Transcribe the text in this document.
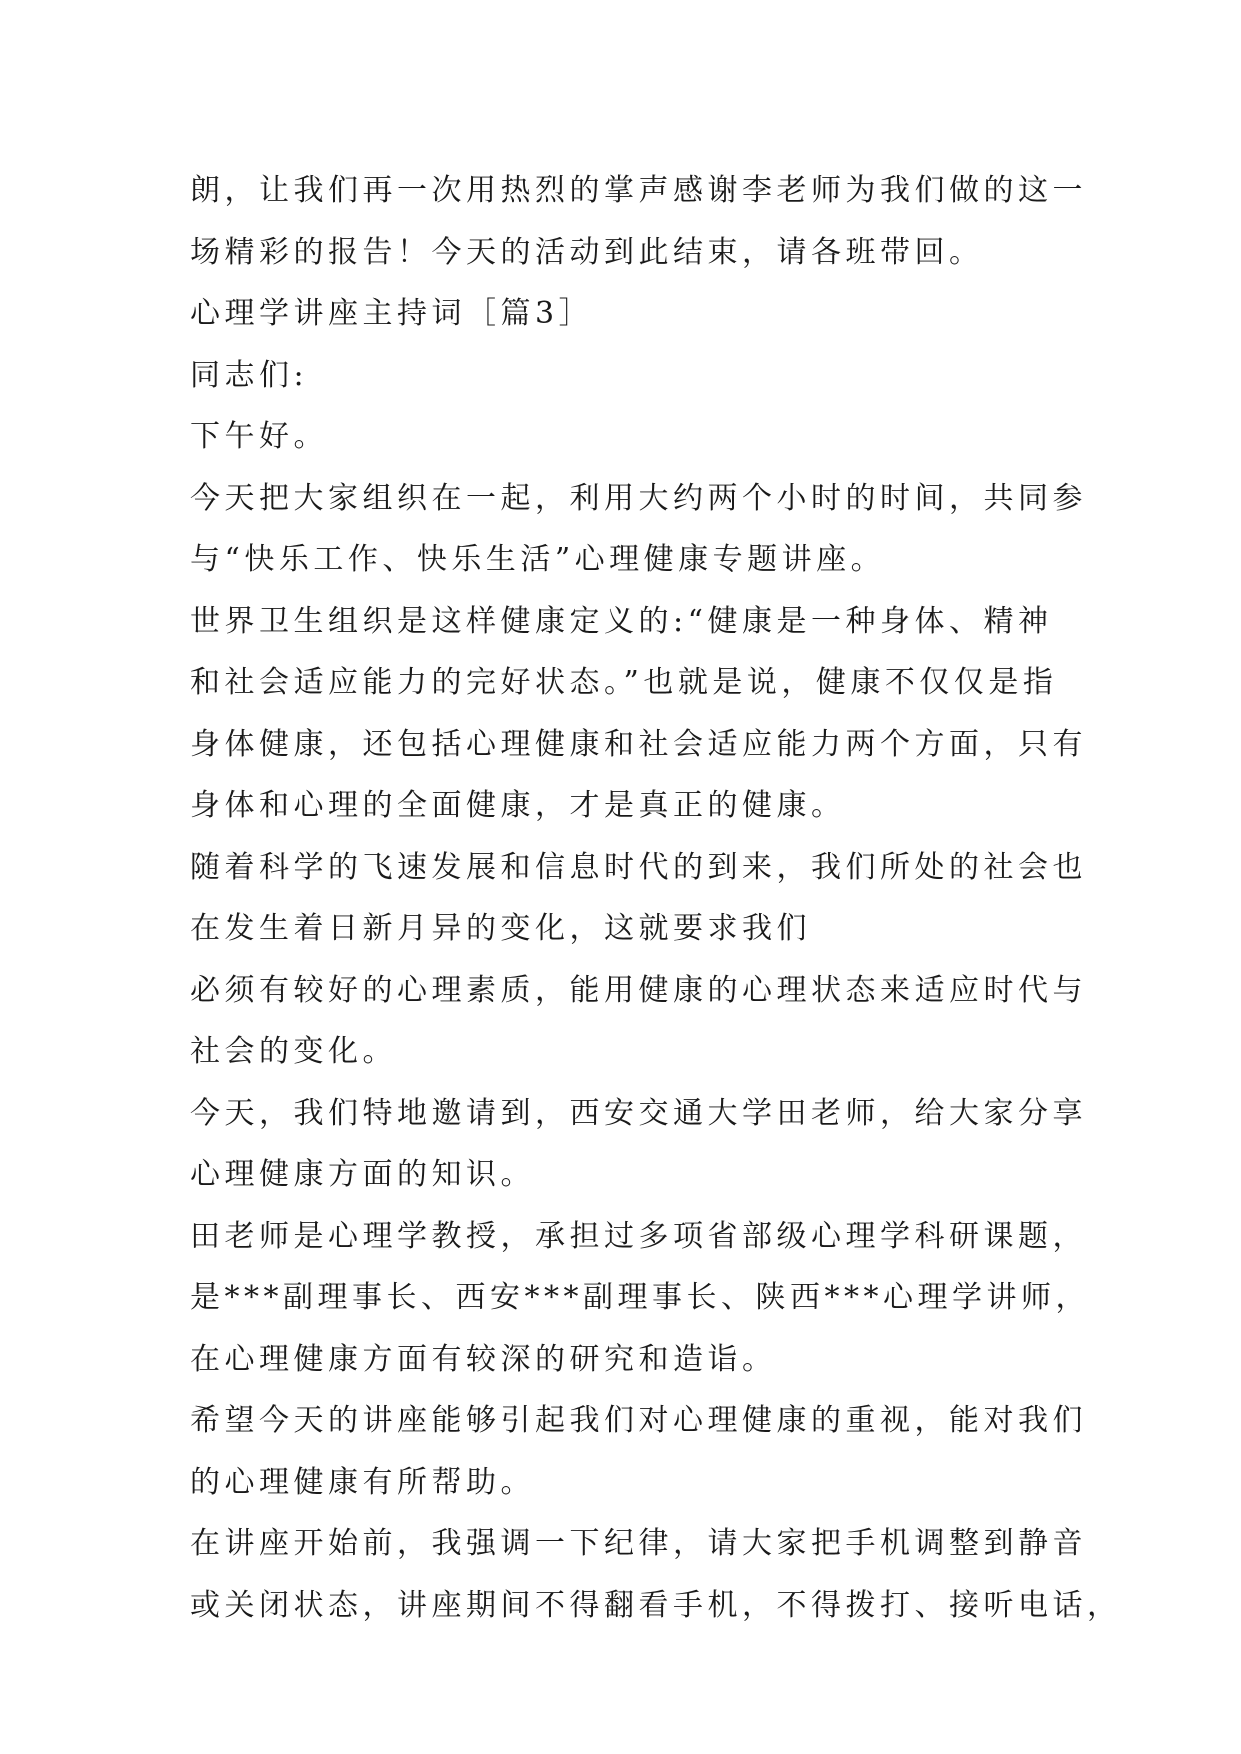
朗，让我们再一次用热烈的掌声感谢李老师为我们做的这一
场精彩的报告！今天的活动到此结束，请各班带回。
心理学讲座主持词［篇3］
同志们:
下午好。
今天把大家组织在一起，利用大约两个小时的时间，共同参
与“快乐工作、快乐生活”心理健康专题讲座。
世界卫生组织是这样健康定义的:“健康是一种身体、精神
和社会适应能力的完好状态。”也就是说，健康不仅仅是指
身体健康，还包括心理健康和社会适应能力两个方面，只有
身体和心理的全面健康，才是真正的健康。
随着科学的飞速发展和信息时代的到来，我们所处的社会也
在发生着日新月异的变化，这就要求我们
必须有较好的心理素质，能用健康的心理状态来适应时代与
社会的变化。
今天，我们特地邀请到，西安交通大学田老师，给大家分享
心理健康方面的知识。
田老师是心理学教授，承担过多项省部级心理学科研课题，
是***副理事长、西安***副理事长、陕西***心理学讲师，
在心理健康方面有较深的研究和造诣。
希望今天的讲座能够引起我们对心理健康的重视，能对我们
的心理健康有所帮助。
在讲座开始前，我强调一下纪律，请大家把手机调整到静音
或关闭状态，讲座期间不得翻看手机，不得拨打、接听电话，
